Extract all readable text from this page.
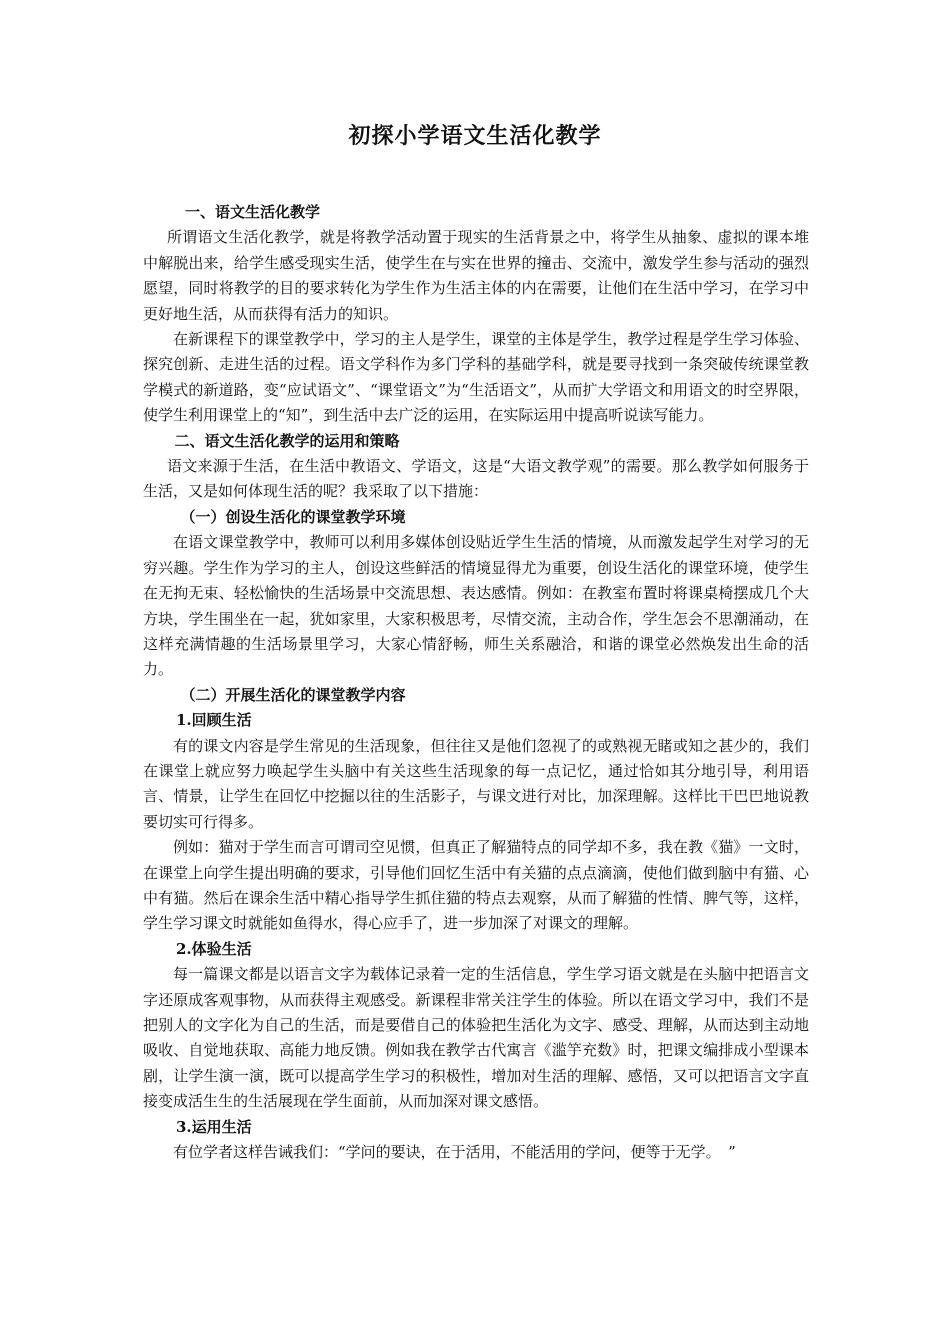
初探小学语文生活化教学

一、语文生活化教学

所谓语文生活化教学，就是将教学活动置于现实的生活背景之中，将学生从抽象、虚拟的课本堆中解脱出来，给学生感受现实生活，使学生在与实在世界的撞击、交流中，激发学生参与活动的强烈愿望，同时将教学的目的要求转化为学生作为生活主体的内在需要，让他们在生活中学习，在学习中更好地生活，从而获得有活力的知识。

在新课程下的课堂教学中，学习的主人是学生，课堂的主体是学生，教学过程是学生学习体验、探究创新、走进生活的过程。语文学科作为多门学科的基础学科，就是要寻找到一条突破传统课堂教学模式的新道路，变“应试语文”、“课堂语文”为“生活语文”，从而扩大学语文和用语文的时空界限，使学生利用课堂上的“知”，到生活中去广泛的运用，在实际运用中提高听说读写能力。

二、语文生活化教学的运用和策略

语文来源于生活，在生活中教语文、学语文，这是“大语文教学观”的需要。那么教学如何服务于生活，又是如何体现生活的呢？我采取了以下措施：

（一）创设生活化的课堂教学环境

在语文课堂教学中，教师可以利用多媒体创设贴近学生生活的情境，从而激发起学生对学习的无穷兴趣。学生作为学习的主人，创设这些鲜活的情境显得尤为重要，创设生活化的课堂环境，使学生在无拘无束、轻松愉快的生活场景中交流思想、表达感情。例如：在教室布置时将课桌椅摆成几个大方块，学生围坐在一起，犹如家里，大家积极思考，尽情交流，主动合作，学生怎会不思潮涌动，在这样充满情趣的生活场景里学习，大家心情舒畅，师生关系融洽，和谐的课堂必然焕发出生命的活力。

（二）开展生活化的课堂教学内容

1.回顾生活

有的课文内容是学生常见的生活现象，但往往又是他们忽视了的或熟视无睹或知之甚少的，我们在课堂上就应努力唤起学生头脑中有关这些生活现象的每一点记忆，通过恰如其分地引导，利用语言、情景，让学生在回忆中挖掘以往的生活影子，与课文进行对比，加深理解。这样比干巴巴地说教要切实可行得多。

例如：猫对于学生而言可谓司空见惯，但真正了解猫特点的同学却不多，我在教《猫》一文时，在课堂上向学生提出明确的要求，引导他们回忆生活中有关猫的点点滴滴，使他们做到脑中有猫、心中有猫。然后在课余生活中精心指导学生抓住猫的特点去观察，从而了解猫的性情、脾气等，这样，学生学习课文时就能如鱼得水，得心应手了，进一步加深了对课文的理解。

2.体验生活

每一篇课文都是以语言文字为载体记录着一定的生活信息，学生学习语文就是在头脑中把语言文字还原成客观事物，从而获得主观感受。新课程非常关注学生的体验。所以在语文学习中，我们不是把别人的文字化为自己的生活，而是要借自己的体验把生活化为文字、感受、理解，从而达到主动地吸收、自觉地获取、高能力地反馈。例如我在教学古代寓言《滥竽充数》时，把课文编排成小型课本剧，让学生演一演，既可以提高学生学习的积极性，增加对生活的理解、感悟，又可以把语言文字直接变成活生生的生活展现在学生面前，从而加深对课文感悟。

3.运用生活

有位学者这样告诫我们：“学问的要诀，在于活用，不能活用的学问，便等于无学。　”
